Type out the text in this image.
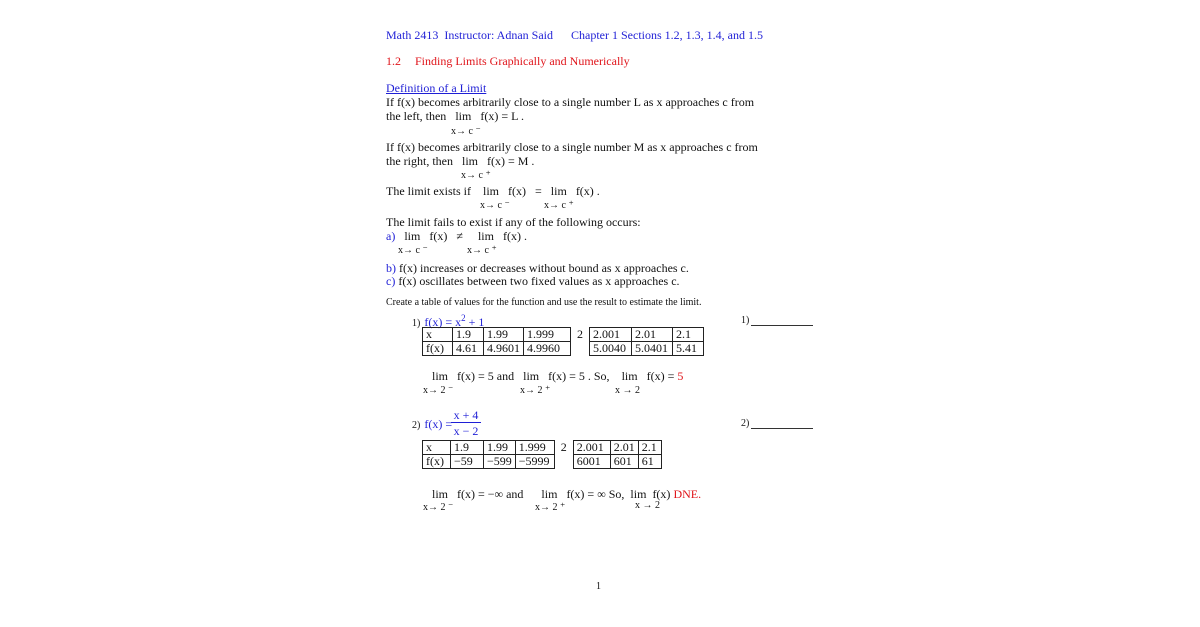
Math 2413 Instructor: Adnan Said Chapter 1 Sections 1.2, 1.3, 1.4, and 1.5
1.2 Finding Limits Graphically and Numerically
Definition of a Limit
If f(x) becomes arbitrarily close to a single number L as x approaches c from
the left, then lim f(x) = L .
x→ c ⁻
If f(x) becomes arbitrarily close to a single number M as x approaches c from
the right, then lim f(x) = M .
x→ c ⁺
The limit exists if lim f(x) = lim f(x) .
x→ c ⁻	x→ c ⁺
The limit fails to exist if any of the following occurs:
a) lim f(x) ≠ lim f(x) .
x→ c ⁻	x→ c ⁺
b) f(x) increases or decreases without bound as x approaches c.
c) f(x) oscillates between two fixed values as x approaches c.
Create a table of values for the function and use the result to estimate the limit.
1) $f(x) = x^2 + 1$	1)
x	1.9	1.99	1.999	2	2.001	2.01	2.1
f(x)	4.61	4.9601	4.9960		5.0040	5.0401	5.41
lim f(x) = 5 and lim f(x) = 5 . So, lim f(x) = 5
x→ 2 ⁻	x→ 2 ⁺	x → 2
2) f(x) =
$\frac{x + 4}{x - 2}$	2)
x	1.9	1.99	1.999	2	2.001	2.01	2.1
f(x)	−59	−599	−5999		6001	601	61
lim f(x) = −∞ and lim f(x) = ∞ So, lim f(x) DNE.
x→ 2 ⁻	x→ 2 ⁺	x → 2
1
